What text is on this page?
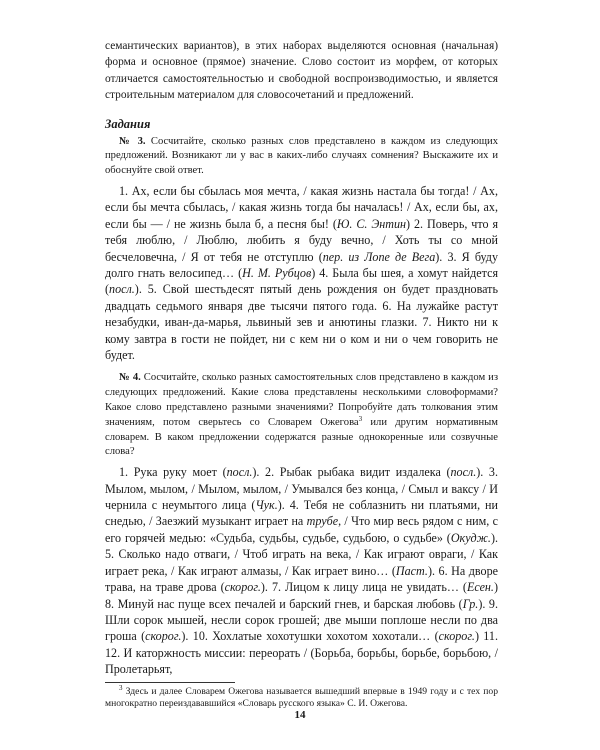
семантических вариантов), в этих наборах выделяются основная (начальная) форма и основное (прямое) значение. Слово состоит из морфем, от которых отличается самостоятельностью и свободной воспроизводимостью, и является строительным материалом для словосочетаний и предложений.

Задания

№ 3. Сосчитайте, сколько разных слов представлено в каждом из следующих предложений. Возникают ли у вас в каких-либо случаях сомнения? Выскажите их и обоснуйте свой ответ.

1. Ах, если бы сбылась моя мечта, / какая жизнь настала бы тогда! / Ах, если бы мечта сбылась, / какая жизнь тогда бы началась! / Ах, если бы, ах, если бы — / не жизнь была б, а песня бы! (Ю. С. Энтин) 2. Поверь, что я тебя люблю, / Люблю, любить я буду вечно, / Хоть ты со мной бесчеловечна, / Я от тебя не отступлю (пер. из Лопе де Вега). 3. Я буду долго гнать велосипед… (Н. М. Рубцов) 4. Была бы шея, а хомут найдется (посл.). 5. Свой шестьдесят пятый день рождения он будет праздновать двадцать седьмого января две тысячи пятого года. 6. На лужайке растут незабудки, иван-да-марья, львиный зев и анютины глазки. 7. Никто ни к кому завтра в гости не пойдет, ни с кем ни о ком и ни о чем говорить не будет.

№ 4. Сосчитайте, сколько разных самостоятельных слов представлено в каждом из следующих предложений. Какие слова представлены несколькими словоформами? Какое слово представлено разными значениями? Попробуйте дать толкования этим значениям, потом сверьтесь со Словарем Ожегова$^3$ или другим нормативным словарем. В каком предложении содержатся разные однокоренные или созвучные слова?

1. Рука руку моет (посл.). 2. Рыбак рыбака видит издалека (посл.). 3. Мылом, мылом, / Мылом, мылом, / Умывался без конца, / Смыл и ваксу / И чернила с неумытого лица (Чук.). 4. Тебя не соблазнить ни платьями, ни снедью, / Заезжий музыкант играет на трубе, / Что мир весь рядом с ним, с его горячей медью: «Судьба, судьбы, судьбе, судьбою, о судьбе» (Окудж.). 5. Сколько надо отваги, / Чтоб играть на века, / Как играют овраги, / Как играет река, / Как играют алмазы, / Как играет вино… (Паст.). 6. На дворе трава, на траве дрова (скорог.). 7. Лицом к лицу лица не увидать… (Есен.) 8. Минуй нас пуще всех печалей и барский гнев, и барская любовь (Гр.). 9. Шли сорок мышей, несли сорок грошей; две мыши поплоше несли по два гроша (скорог.). 10. Хохлатые хохотушки хохотом хохотали… (скорог.) 11. 12. И каторжность миссии: переорать / (Борьба, борьбы, борьбе, борьбою, / Пролетарьят,

$^3$ Здесь и далее Словарем Ожегова называется вышедший впервые в 1949 году и с тех пор многократно переиздававшийся «Словарь русского языка» С. И. Ожегова.

14
